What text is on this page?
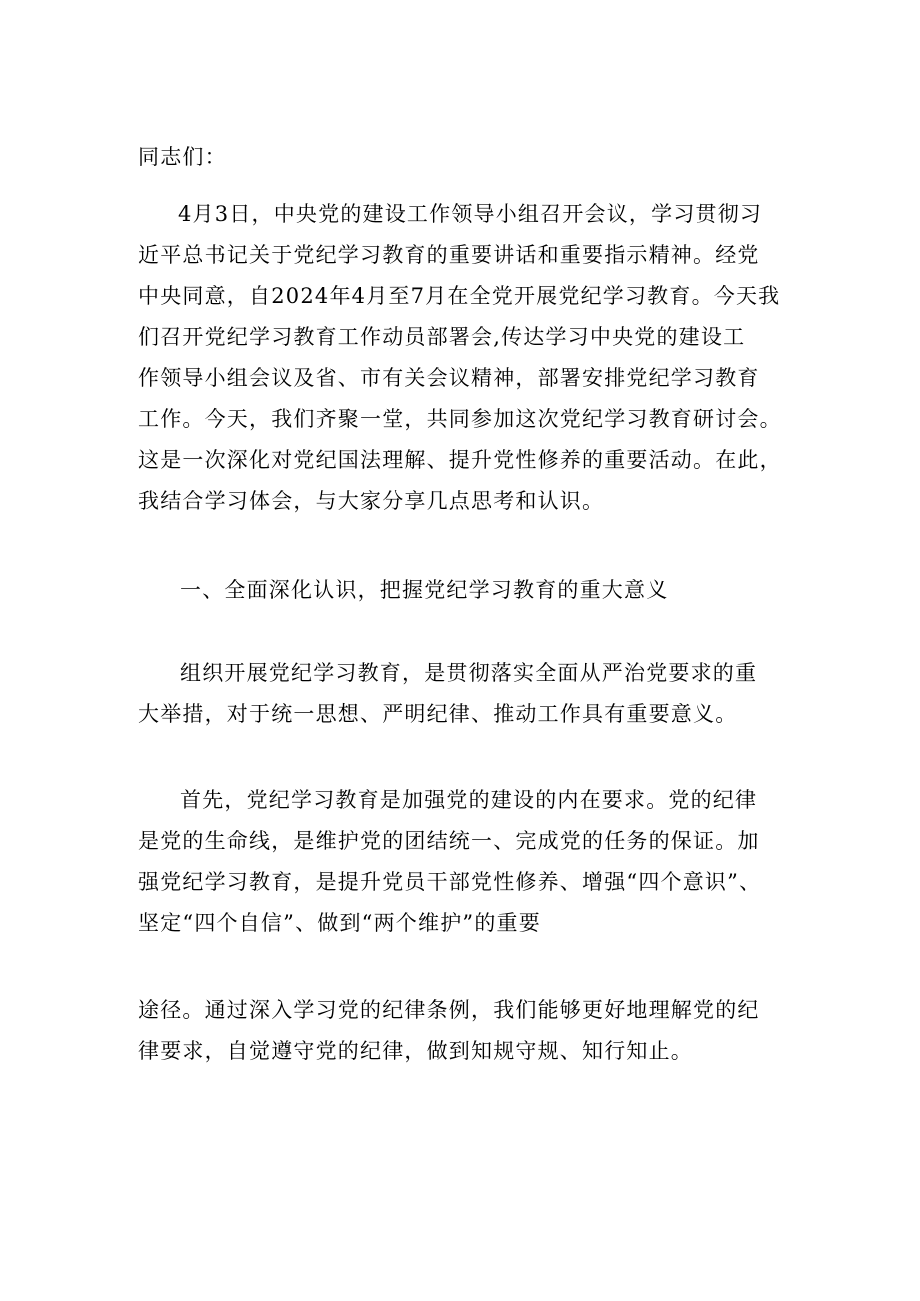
同志们：
4月3日，中央党的建设工作领导小组召开会议，学习贯彻习
近平总书记关于党纪学习教育的重要讲话和重要指示精神。经党
中央同意，自2024年4月至7月在全党开展党纪学习教育。今天我
们召开党纪学习教育工作动员部署会,传达学习中央党的建设工
作领导小组会议及省、市有关会议精神，部署安排党纪学习教育
工作。今天，我们齐聚一堂，共同参加这次党纪学习教育研讨会。
这是一次深化对党纪国法理解、提升党性修养的重要活动。在此，
我结合学习体会，与大家分享几点思考和认识。
一、全面深化认识，把握党纪学习教育的重大意义
组织开展党纪学习教育，是贯彻落实全面从严治党要求的重
大举措，对于统一思想、严明纪律、推动工作具有重要意义。
首先，党纪学习教育是加强党的建设的内在要求。党的纪律
是党的生命线，是维护党的团结统一、完成党的任务的保证。加
强党纪学习教育，是提升党员干部党性修养、增强“四个意识”、
坚定“四个自信”、做到“两个维护”的重要
途径。通过深入学习党的纪律条例，我们能够更好地理解党的纪
律要求，自觉遵守党的纪律，做到知规守规、知行知止。
